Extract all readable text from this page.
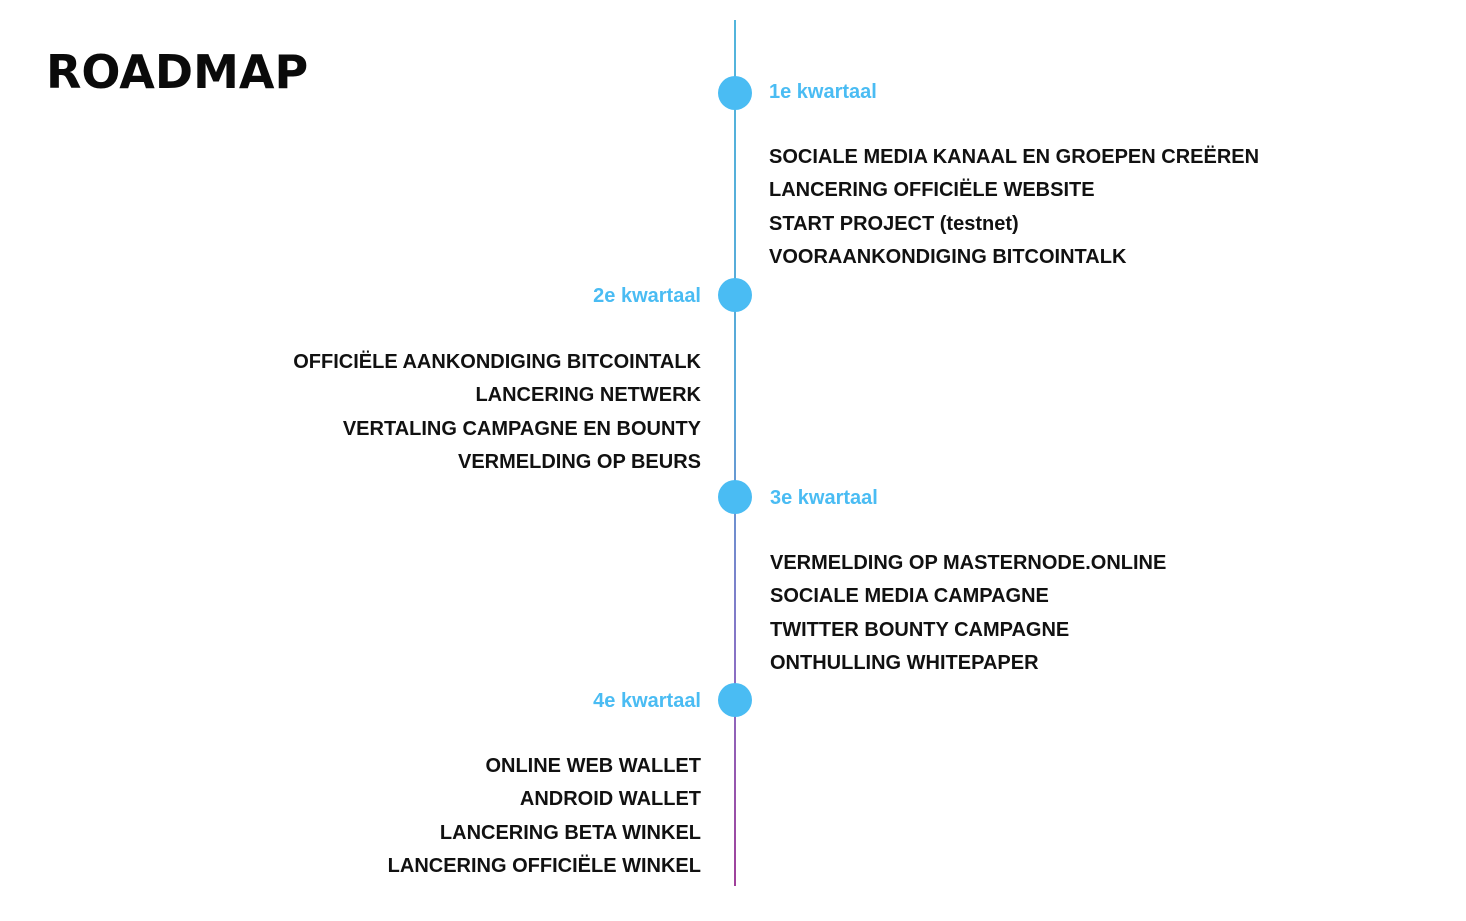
ROADMAP	1e kwartaal
SOCIALE MEDIA KANAAL EN GROEPEN CREËREN
LANCERING OFFICIËLE WEBSITE
START PROJECT (testnet)
VOORAANKONDIGING BITCOINTALK
2e kwartaal
OFFICIËLE AANKONDIGING BITCOINTALK
LANCERING NETWERK
VERTALING CAMPAGNE EN BOUNTY
VERMELDING OP BEURS
3e kwartaal
VERMELDING OP MASTERNODE.ONLINE
SOCIALE MEDIA CAMPAGNE
TWITTER BOUNTY CAMPAGNE
ONTHULLING WHITEPAPER
4e kwartaal
ONLINE WEB WALLET
ANDROID WALLET
LANCERING BETA WINKEL
LANCERING OFFICIËLE WINKEL
